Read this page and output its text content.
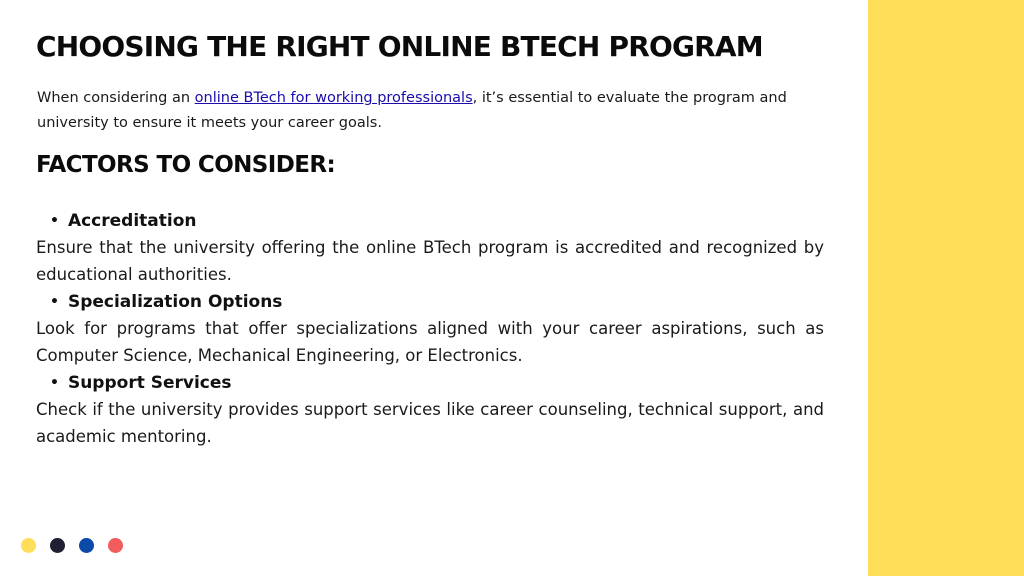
CHOOSING THE RIGHT ONLINE BTECH PROGRAM

When considering an online BTech for working professionals, it’s essential to evaluate the program and university to ensure it meets your career goals.

FACTORS TO CONSIDER:
• Accreditation

Ensure that the university offering the online BTech program is accredited and recognized by educational authorities.

• Specialization Options

Look for programs that offer specializations aligned with your career aspirations, such as Computer Science, Mechanical Engineering, or Electronics.

• Support Services

Check if the university provides support services like career counseling, technical support, and academic mentoring.
